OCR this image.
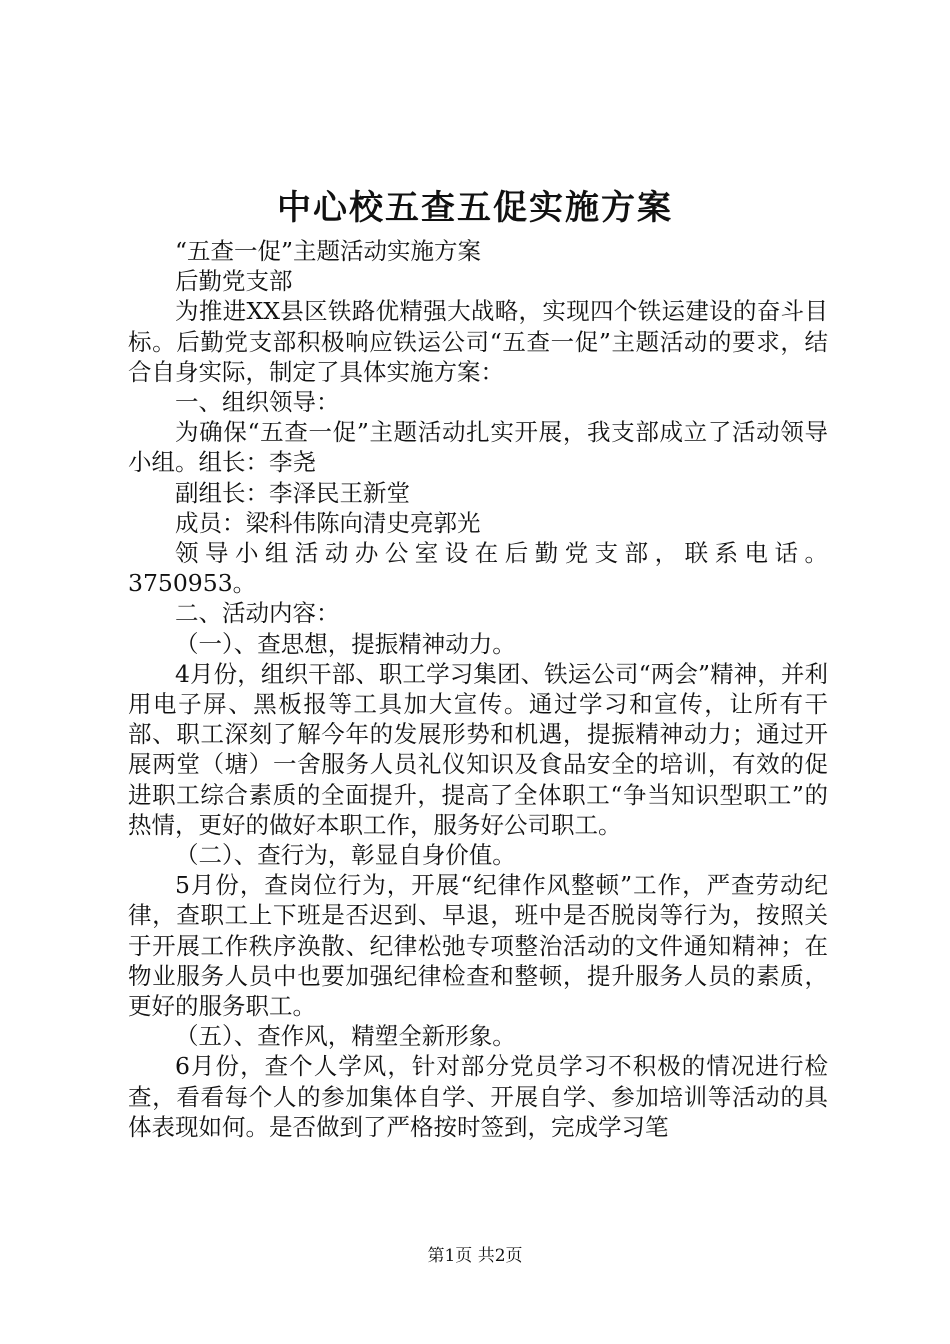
中心校五查五促实施方案

“五查一促”主题活动实施方案

后勤党支部

为推进XX县区铁路优精强大战略，实现四个铁运建设的奋斗目标。后勤党支部积极响应铁运公司“五查一促”主题活动的要求，结合自身实际，制定了具体实施方案：

一、组织领导：

为确保“五查一促”主题活动扎实开展，我支部成立了活动领导小组。组长：李尧

副组长：李泽民王新堂

成员：梁科伟陈向清史亮郭光

领导小组活动办公室设在后勤党支部，联系电话。

3750953。

二、活动内容：

（一）、查思想，提振精神动力。

4月份，组织干部、职工学习集团、铁运公司“两会”精神，并利用电子屏、黑板报等工具加大宣传。通过学习和宣传，让所有干部、职工深刻了解今年的发展形势和机遇，提振精神动力；通过开展两堂（塘）一舍服务人员礼仪知识及食品安全的培训，有效的促进职工综合素质的全面提升，提高了全体职工“争当知识型职工”的热情，更好的做好本职工作，服务好公司职工。

（二）、查行为，彰显自身价值。

5月份，查岗位行为，开展“纪律作风整顿”工作，严查劳动纪律，查职工上下班是否迟到、早退，班中是否脱岗等行为，按照关于开展工作秩序涣散、纪律松弛专项整治活动的文件通知精神；在物业服务人员中也要加强纪律检查和整顿，提升服务人员的素质，更好的服务职工。

（五）、查作风，精塑全新形象。

6月份，查个人学风，针对部分党员学习不积极的情况进行检查，看看每个人的参加集体自学、开展自学、参加培训等活动的具体表现如何。是否做到了严格按时签到，完成学习笔

第1页 共2页
